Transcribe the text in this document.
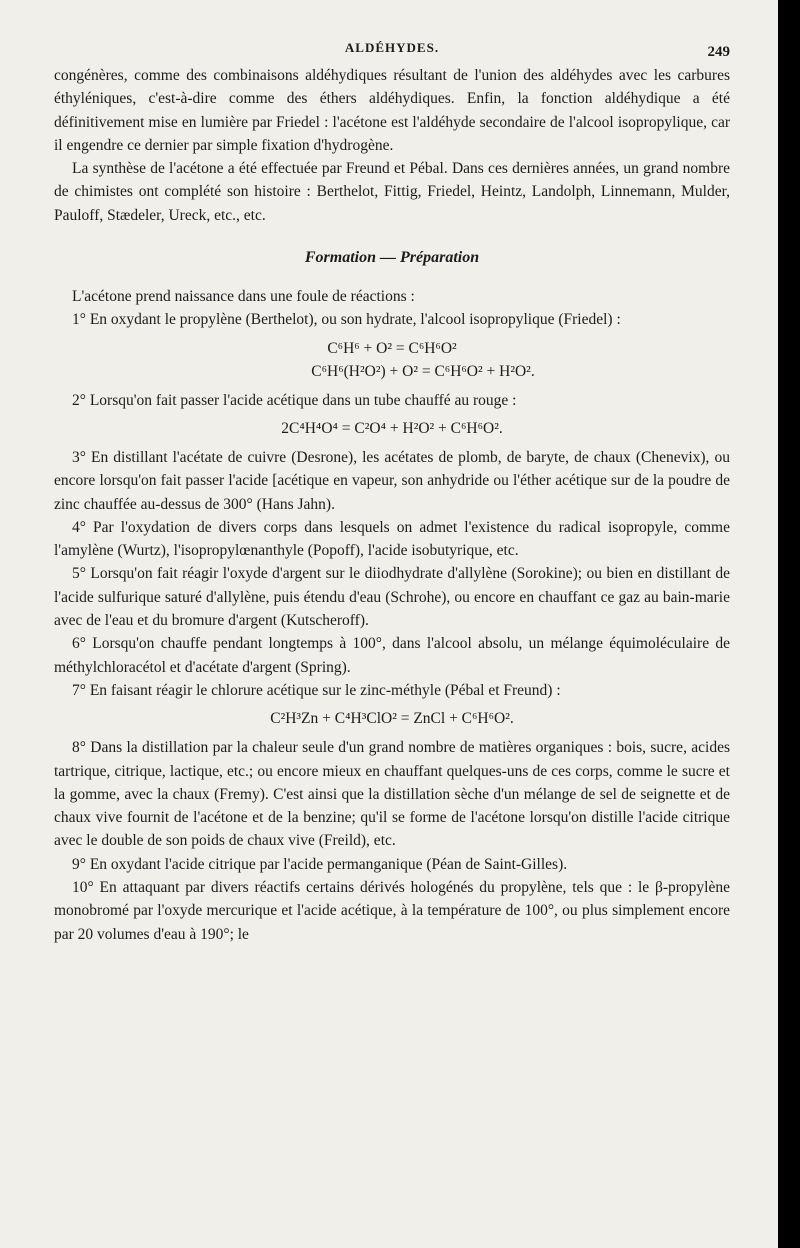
ALDÉHYDES.	249

congénères, comme des combinaisons aldéhydiques résultant de l'union des aldéhydes avec les carbures éthyléniques, c'est-à-dire comme des éthers aldéhydiques. Enfin, la fonction aldéhydique a été définitivement mise en lumière par Friedel : l'acétone est l'aldéhyde secondaire de l'alcool isopropylique, car il engendre ce dernier par simple fixation d'hydrogène.

La synthèse de l'acétone a été effectuée par Freund et Pébal. Dans ces dernières années, un grand nombre de chimistes ont complété son histoire : Berthelot, Fittig, Friedel, Heintz, Landolph, Linnemann, Mulder, Pauloff, Stædeler, Ureck, etc., etc.

Formation — Préparation

L'acétone prend naissance dans une foule de réactions :

1° En oxydant le propylène (Berthelot), ou son hydrate, l'alcool isopropylique (Friedel) :

C⁶H⁶ + O² = C⁶H⁶O²
C⁶H⁶(H²O²) + O² = C⁶H⁶O² + H²O².

2° Lorsqu'on fait passer l'acide acétique dans un tube chauffé au rouge :

2C⁴H⁴O⁴ = C²O⁴ + H²O² + C⁶H⁶O².

3° En distillant l'acétate de cuivre (Desrone), les acétates de plomb, de baryte, de chaux (Chenevix), ou encore lorsqu'on fait passer l'acide [acétique en vapeur, son anhydride ou l'éther acétique sur de la poudre de zinc chauffée au-dessus de 300° (Hans Jahn).

4° Par l'oxydation de divers corps dans lesquels on admet l'existence du radical isopropyle, comme l'amylène (Wurtz), l'isopropylœnanthyle (Popoff), l'acide isobutyrique, etc.

5° Lorsqu'on fait réagir l'oxyde d'argent sur le diiodhydrate d'allylène (Sorokine); ou bien en distillant de l'acide sulfurique saturé d'allylène, puis étendu d'eau (Schrohe), ou encore en chauffant ce gaz au bain-marie avec de l'eau et du bromure d'argent (Kutscheroff).

6° Lorsqu'on chauffe pendant longtemps à 100°, dans l'alcool absolu, un mélange équimoléculaire de méthylchloracétol et d'acétate d'argent (Spring).

7° En faisant réagir le chlorure acétique sur le zinc-méthyle (Pébal et Freund) :

C²H³Zn + C⁴H³ClO² = ZnCl + C⁶H⁶O².

8° Dans la distillation par la chaleur seule d'un grand nombre de matières organiques : bois, sucre, acides tartrique, citrique, lactique, etc.; ou encore mieux en chauffant quelques-uns de ces corps, comme le sucre et la gomme, avec la chaux (Fremy). C'est ainsi que la distillation sèche d'un mélange de sel de seignette et de chaux vive fournit de l'acétone et de la benzine; qu'il se forme de l'acétone lorsqu'on distille l'acide citrique avec le double de son poids de chaux vive (Freild), etc.

9° En oxydant l'acide citrique par l'acide permanganique (Péan de Saint-Gilles).

10° En attaquant par divers réactifs certains dérivés hologénés du propylène, tels que : le β-propylène monobromé par l'oxyde mercurique et l'acide acétique, à la température de 100°, ou plus simplement encore par 20 volumes d'eau à 190°; le
